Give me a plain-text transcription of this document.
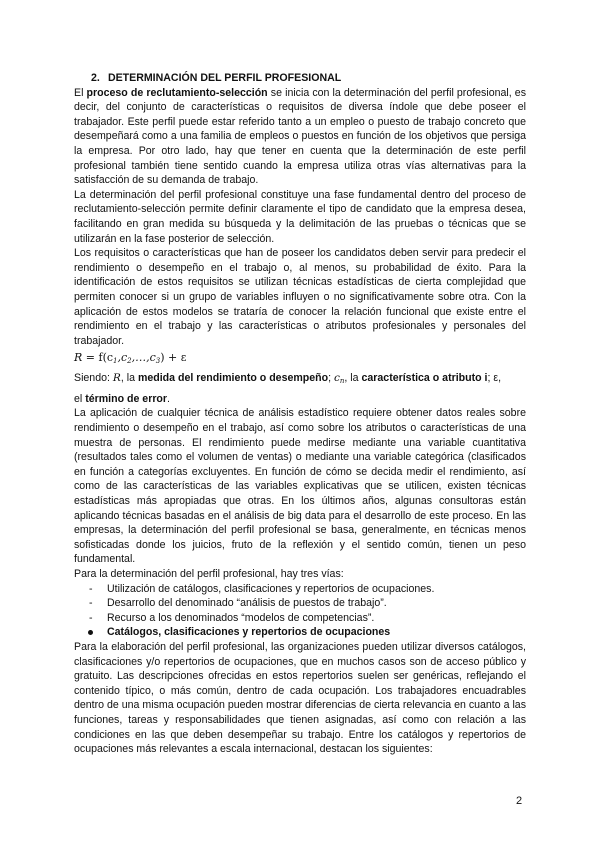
2. DETERMINACIÓN DEL PERFIL PROFESIONAL

El proceso de reclutamiento-selección se inicia con la determinación del perfil profesional, es decir, del conjunto de características o requisitos de diversa índole que debe poseer el trabajador. Este perfil puede estar referido tanto a un empleo o puesto de trabajo concreto que desempeñará como a una familia de empleos o puestos en función de los objetivos que persiga la empresa. Por otro lado, hay que tener en cuenta que la determinación de este perfil profesional también tiene sentido cuando la empresa utiliza otras vías alternativas para la satisfacción de su demanda de trabajo.

La determinación del perfil profesional constituye una fase fundamental dentro del proceso de reclutamiento-selección permite definir claramente el tipo de candidato que la empresa desea, facilitando en gran medida su búsqueda y la delimitación de las pruebas o técnicas que se utilizarán en la fase posterior de selección.

Los requisitos o características que han de poseer los candidatos deben servir para predecir el rendimiento o desempeño en el trabajo o, al menos, su probabilidad de éxito. Para la identificación de estos requisitos se utilizan técnicas estadísticas de cierta complejidad que permiten conocer si un grupo de variables influyen o no significativamente sobre otra. Con la aplicación de estos modelos se trataría de conocer la relación funcional que existe entre el rendimiento en el trabajo y las características o atributos profesionales y personales del trabajador.

$R = f(c_1,c_2,\dots,c_3) + \varepsilon$

Siendo: R, la medida del rendimiento o desempeño; cn, la característica o atributo i; ε,

el término de error.

La aplicación de cualquier técnica de análisis estadístico requiere obtener datos reales sobre rendimiento o desempeño en el trabajo, así como sobre los atributos o características de una muestra de personas. El rendimiento puede medirse mediante una variable cuantitativa (resultados tales como el volumen de ventas) o mediante una variable categórica (clasificados en función a categorías excluyentes. En función de cómo se decida medir el rendimiento, así como de las características de las variables explicativas que se utilicen, existen técnicas estadísticas más apropiadas que otras. En los últimos años, algunas consultoras están aplicando técnicas basadas en el análisis de big data para el desarrollo de este proceso. En las empresas, la determinación del perfil profesional se basa, generalmente, en técnicas menos sofisticadas donde los juicios, fruto de la reflexión y el sentido común, tienen un peso fundamental.

Para la determinación del perfil profesional, hay tres vías:

- Utilización de catálogos, clasificaciones y repertorios de ocupaciones.
- Desarrollo del denominado “análisis de puestos de trabajo”.
- Recurso a los denominados “modelos de competencias”.
Catálogos, clasificaciones y repertorios de ocupaciones

Para la elaboración del perfil profesional, las organizaciones pueden utilizar diversos catálogos, clasificaciones y/o repertorios de ocupaciones, que en muchos casos son de acceso público y gratuito. Las descripciones ofrecidas en estos repertorios suelen ser genéricas, reflejando el contenido típico, o más común, dentro de cada ocupación. Los trabajadores encuadrables dentro de una misma ocupación pueden mostrar diferencias de cierta relevancia en cuanto a las funciones, tareas y responsabilidades que tienen asignadas, así como con relación a las condiciones en las que deben desempeñar su trabajo. Entre los catálogos y repertorios de ocupaciones más relevantes a escala internacional, destacan los siguientes:

2
